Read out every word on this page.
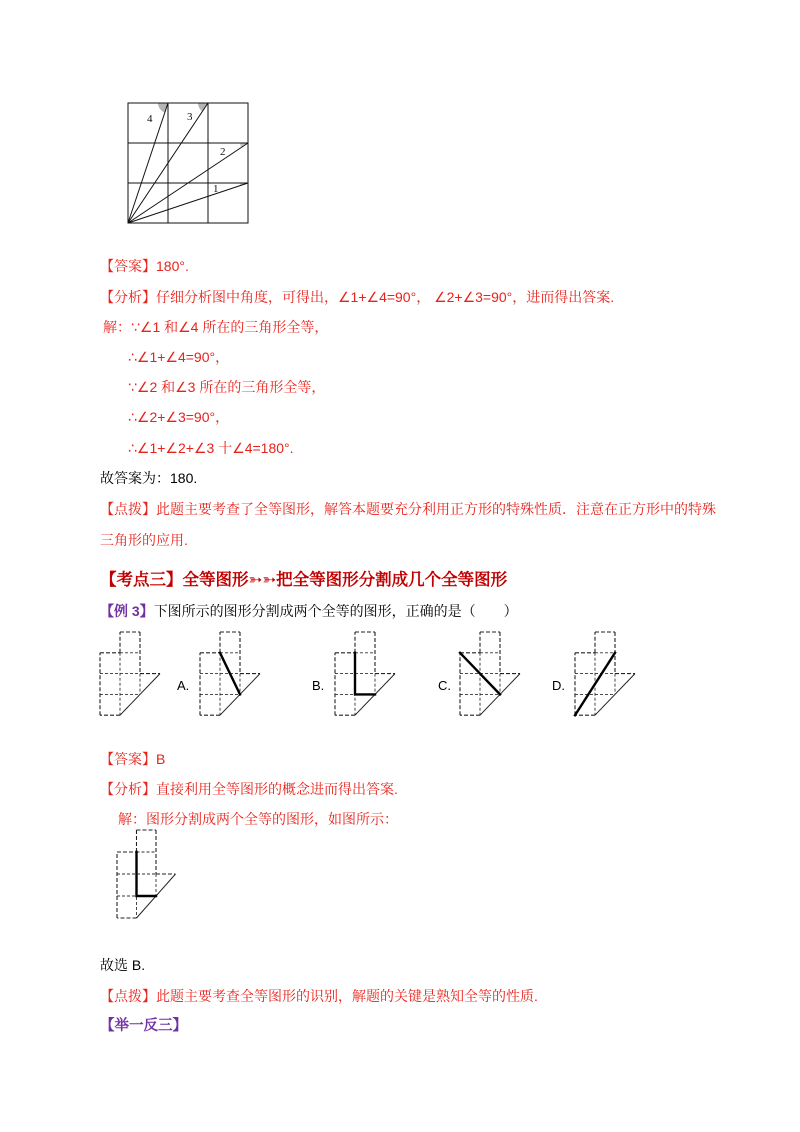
4	3
2
1
【答案】180°.
【分析】仔细分析图中角度，可得出，∠1+∠4=90°， ∠2+∠3=90°，进而得出答案.
解：∵∠1 和∠4 所在的三角形全等，
∴∠1+∠4=90°，
∵∠2 和∠3 所在的三角形全等，
∴∠2+∠3=90°，
∴∠1+∠2+∠3 十∠4=180°.
故答案为：180.
【点拨】此题主要考查了全等图形，解答本题要充分利用正方形的特殊性质．注意在正方形中的特殊
三角形的应用.
【考点三】全等图形➳➳把全等图形分割成几个全等图形
【例 3】下图所示的图形分割成两个全等的图形，正确的是（　　）
A.	B.	C.	D.
【答案】B
【分析】直接利用全等图形的概念进而得出答案.
解：图形分割成两个全等的图形，如图所示：
故选 B.
【点拨】此题主要考查全等图形的识别，解题的关键是熟知全等的性质.
【举一反三】
